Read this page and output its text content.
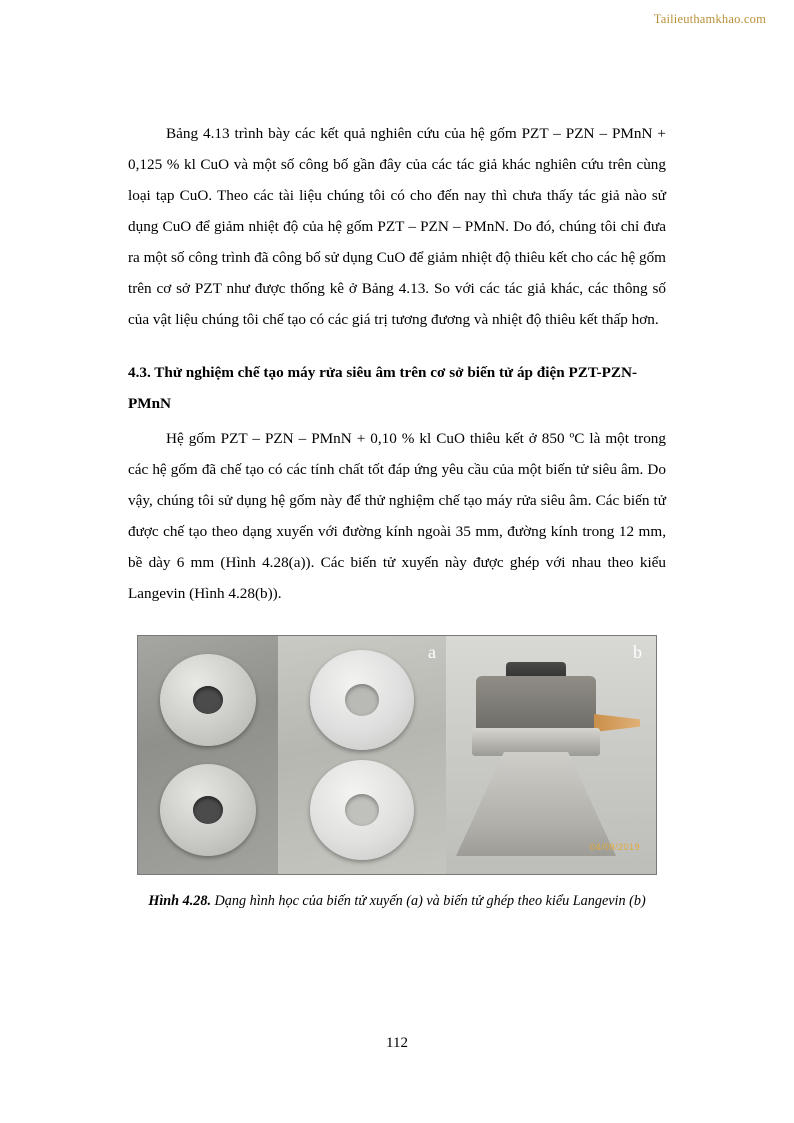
Tailieuthamkhao.com

Bảng 4.13 trình bày các kết quả nghiên cứu của hệ gốm PZT – PZN – PMnN + 0,125 % kl CuO và một số công bố gần đây của các tác giả khác nghiên cứu trên cùng loại tạp CuO. Theo các tài liệu chúng tôi có cho đến nay thì chưa thấy tác giả nào sử dụng CuO để giảm nhiệt độ của hệ gốm PZT – PZN – PMnN. Do đó, chúng tôi chỉ đưa ra một số công trình đã công bố sử dụng CuO để giảm nhiệt độ thiêu kết cho các hệ gốm trên cơ sở PZT như được thống kê ở Bảng 4.13. So với các tác giả khác, các thông số của vật liệu chúng tôi chế tạo có các giá trị tương đương và nhiệt độ thiêu kết thấp hơn.

4.3. Thử nghiệm chế tạo máy rửa siêu âm trên cơ sở biến tử áp điện PZT-PZN-PMnN

Hệ gốm PZT – PZN – PMnN + 0,10 % kl CuO thiêu kết ở 850 ºC là một trong các hệ gốm đã chế tạo có các tính chất tốt đáp ứng yêu cầu của một biến tử siêu âm. Do vậy, chúng tôi sử dụng hệ gốm này để thử nghiệm chế tạo máy rửa siêu âm. Các biến tử được chế tạo theo dạng xuyến với đường kính ngoài 35 mm, đường kính trong 12 mm, bề dày 6 mm (Hình 4.28(a)). Các biến tử xuyến này được ghép với nhau theo kiểu Langevin (Hình 4.28(b)).

a
04/09/2019
b
Hình 4.28. Dạng hình học của biến tử xuyến (a) và biến tử ghép theo kiểu Langevin (b)
112
